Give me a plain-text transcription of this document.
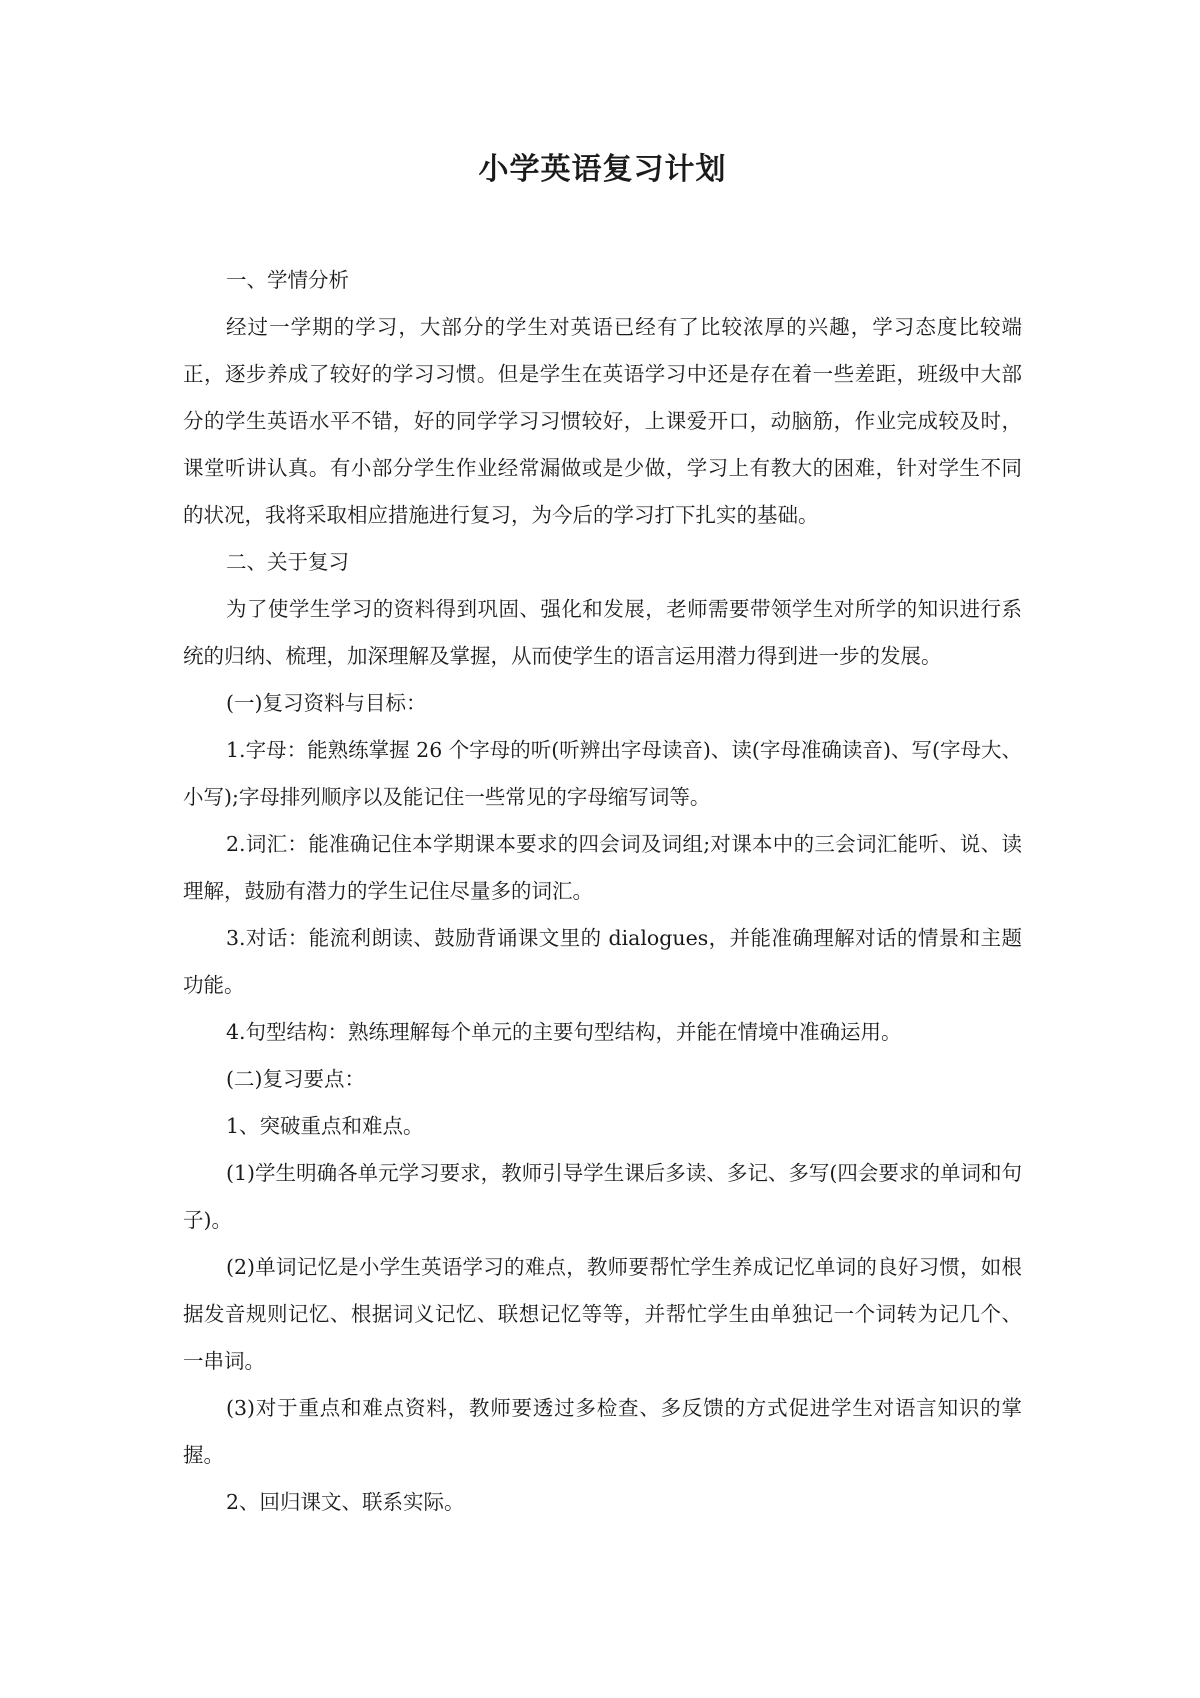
小学英语复习计划

一、学情分析

经过一学期的学习，大部分的学生对英语已经有了比较浓厚的兴趣，学习态度比较端正，逐步养成了较好的学习习惯。但是学生在英语学习中还是存在着一些差距，班级中大部分的学生英语水平不错，好的同学学习习惯较好，上课爱开口，动脑筋，作业完成较及时，课堂听讲认真。有小部分学生作业经常漏做或是少做，学习上有教大的困难，针对学生不同的状况，我将采取相应措施进行复习，为今后的学习打下扎实的基础。

二、关于复习

为了使学生学习的资料得到巩固、强化和发展，老师需要带领学生对所学的知识进行系统的归纳、梳理，加深理解及掌握，从而使学生的语言运用潜力得到进一步的发展。

(一)复习资料与目标：

1.字母：能熟练掌握 26 个字母的听(听辨出字母读音)、读(字母准确读音)、写(字母大、小写);字母排列顺序以及能记住一些常见的字母缩写词等。

2.词汇：能准确记住本学期课本要求的四会词及词组;对课本中的三会词汇能听、说、读理解，鼓励有潜力的学生记住尽量多的词汇。

3.对话：能流利朗读、鼓励背诵课文里的 dialogues，并能准确理解对话的情景和主题功能。

4.句型结构：熟练理解每个单元的主要句型结构，并能在情境中准确运用。

(二)复习要点：

1、突破重点和难点。

(1)学生明确各单元学习要求，教师引导学生课后多读、多记、多写(四会要求的单词和句子)。

(2)单词记忆是小学生英语学习的难点，教师要帮忙学生养成记忆单词的良好习惯，如根据发音规则记忆、根据词义记忆、联想记忆等等，并帮忙学生由单独记一个词转为记几个、一串词。

(3)对于重点和难点资料，教师要透过多检查、多反馈的方式促进学生对语言知识的掌握。

2、回归课文、联系实际。
